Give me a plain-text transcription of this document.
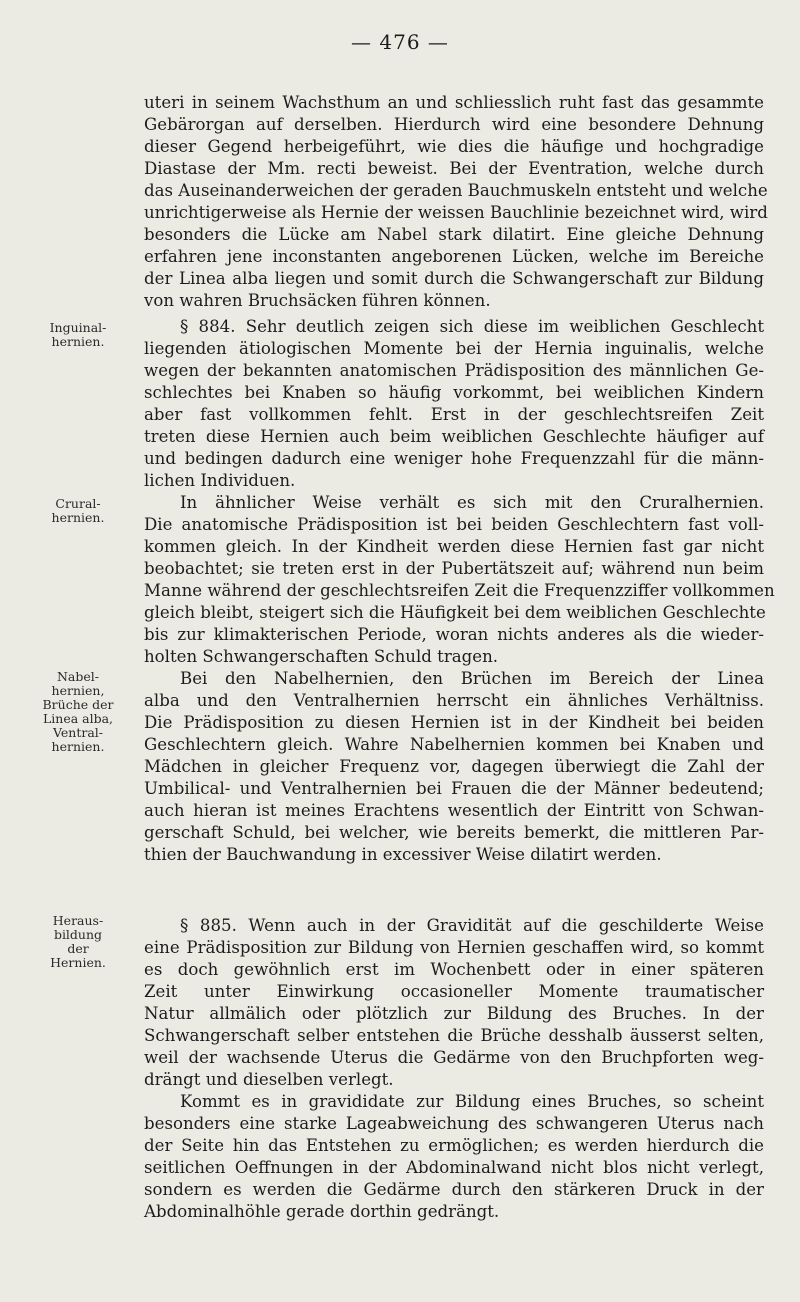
— 476 —
uteri in seinem Wachsthum an und schliesslich ruht fast das gesammte
Gebärorgan auf derselben. Hierdurch wird eine besondere Dehnung
dieser Gegend herbeigeführt, wie dies die häufige und hochgradige
Diastase der Mm. recti beweist. Bei der Eventration, welche durch
das Auseinanderweichen der geraden Bauchmuskeln entsteht und welche
unrichtigerweise als Hernie der weissen Bauchlinie bezeichnet wird, wird
besonders die Lücke am Nabel stark dilatirt. Eine gleiche Dehnung
erfahren jene inconstanten angeborenen Lücken, welche im Bereiche
der Linea alba liegen und somit durch die Schwangerschaft zur Bildung
von wahren Bruchsäcken führen können.
Inguinal-
hernien.
§ 884. Sehr deutlich zeigen sich diese im weiblichen Geschlecht
liegenden ätiologischen Momente bei der Hernia inguinalis, welche
wegen der bekannten anatomischen Prädisposition des männlichen Ge-
schlechtes bei Knaben so häufig vorkommt, bei weiblichen Kindern
aber fast vollkommen fehlt. Erst in der geschlechtsreifen Zeit
treten diese Hernien auch beim weiblichen Geschlechte häufiger auf
und bedingen dadurch eine weniger hohe Frequenzzahl für die männ-
lichen Individuen.
Crural-
hernien.
In ähnlicher Weise verhält es sich mit den Cruralhernien.
Die anatomische Prädisposition ist bei beiden Geschlechtern fast voll-
kommen gleich. In der Kindheit werden diese Hernien fast gar nicht
beobachtet; sie treten erst in der Pubertätszeit auf; während nun beim
Manne während der geschlechtsreifen Zeit die Frequenzziffer vollkommen
gleich bleibt, steigert sich die Häufigkeit bei dem weiblichen Geschlechte
bis zur klimakterischen Periode, woran nichts anderes als die wieder-
holten Schwangerschaften Schuld tragen.
Nabel-
hernien,
Brüche der
Linea alba,
Ventral-
hernien.
Bei den Nabelhernien, den Brüchen im Bereich der Linea
alba und den Ventralhernien herrscht ein ähnliches Verhältniss.
Die Prädisposition zu diesen Hernien ist in der Kindheit bei beiden
Geschlechtern gleich. Wahre Nabelhernien kommen bei Knaben und
Mädchen in gleicher Frequenz vor, dagegen überwiegt die Zahl der
Umbilical- und Ventralhernien bei Frauen die der Männer bedeutend;
auch hieran ist meines Erachtens wesentlich der Eintritt von Schwan-
gerschaft Schuld, bei welcher, wie bereits bemerkt, die mittleren Par-
thien der Bauchwandung in excessiver Weise dilatirt werden.
Heraus-
bildung
der
Hernien.
§ 885. Wenn auch in der Gravidität auf die geschilderte Weise
eine Prädisposition zur Bildung von Hernien geschaffen wird, so kommt
es doch gewöhnlich erst im Wochenbett oder in einer späteren
Zeit unter Einwirkung occasioneller Momente traumatischer
Natur allmälich oder plötzlich zur Bildung des Bruches. In der
Schwangerschaft selber entstehen die Brüche desshalb äusserst selten,
weil der wachsende Uterus die Gedärme von den Bruchpforten weg-
drängt und dieselben verlegt.
Kommt es in gravididate zur Bildung eines Bruches, so scheint
besonders eine starke Lageabweichung des schwangeren Uterus nach
der Seite hin das Entstehen zu ermöglichen; es werden hierdurch die
seitlichen Oeffnungen in der Abdominalwand nicht blos nicht verlegt,
sondern es werden die Gedärme durch den stärkeren Druck in der
Abdominalhöhle gerade dorthin gedrängt.
